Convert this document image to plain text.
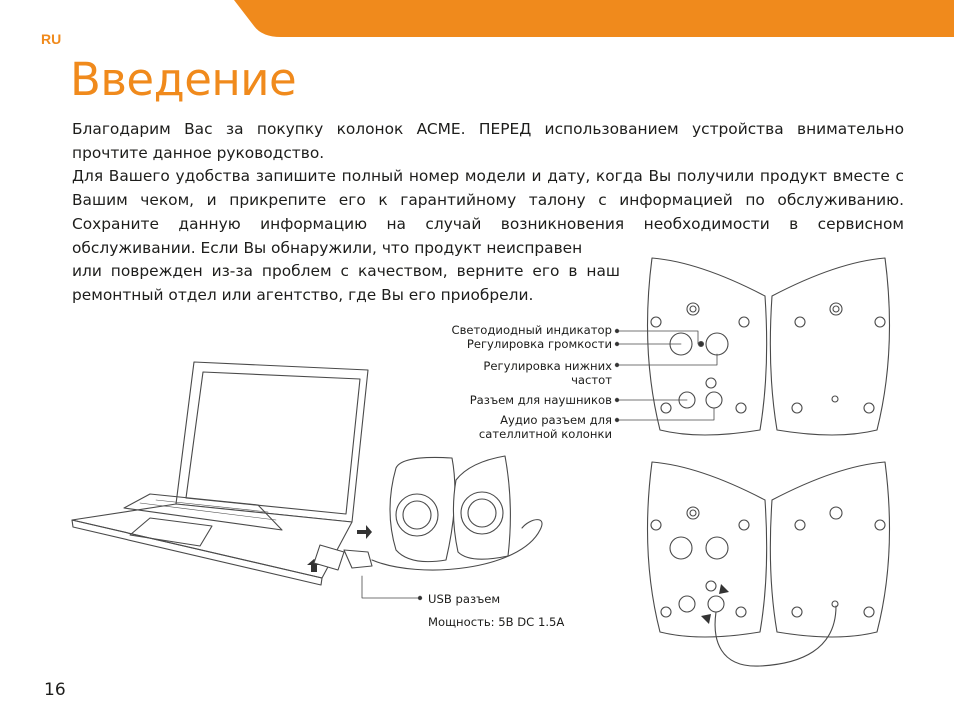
RU
Введение

Благодарим Вас за покупку колонок ACME. ПЕРЕД использованием устройства внимательно прочтите данное руководство.

Для Вашего удобства запишите полный номер модели и дату, когда Вы получили продукт вместе с Вашим чеком, и прикрепите его к гарантийному талону с информацией по обслуживанию. Сохраните данную информацию на случай возникновения необходимости в сервисном обслуживании. Если Вы обнаружили, что продукт неисправен

или поврежден из-за проблем с качеством, верните его в наш ремонтный отдел или агентство, где Вы его приобрели.

Светодиодный индикатор
Регулировка громкости
Регулировка нижних
частот
Разъем для наушников
Аудио разъем для
сателлитной колонки
USB разъем
Мощность: 5В DC 1.5A
16
